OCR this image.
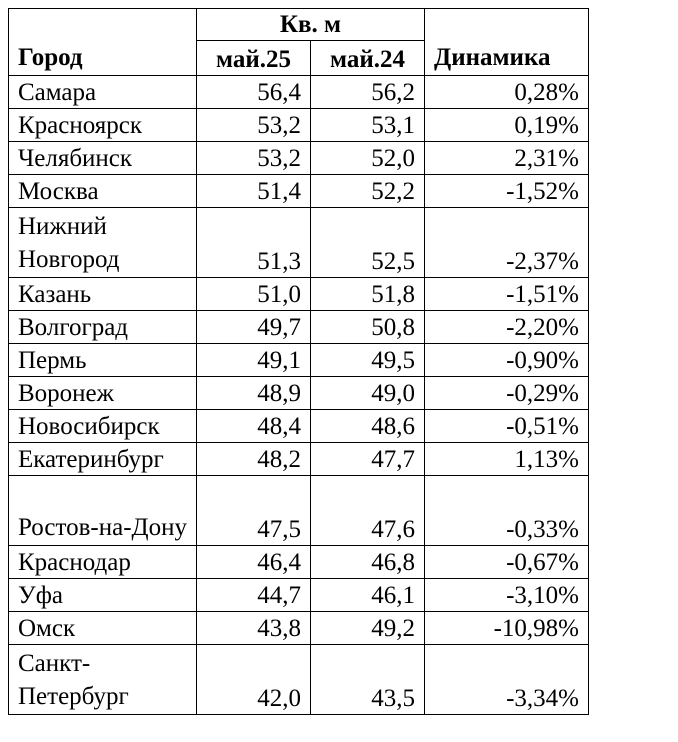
Город	Кв. м		Динамика
	май.25	май.24	
Самара	56,4	56,2	0,28%
Красноярск	53,2	53,1	0,19%
Челябинск	53,2	52,0	2,31%
Москва	51,4	52,2	-1,52%
Нижний Новгород	51,3	52,5	-2,37%
Казань	51,0	51,8	-1,51%
Волгоград	49,7	50,8	-2,20%
Пермь	49,1	49,5	-0,90%
Воронеж	48,9	49,0	-0,29%
Новосибирск	48,4	48,6	-0,51%
Екатеринбург	48,2	47,7	1,13%
Ростов-на-Дону	47,5	47,6	-0,33%
Краснодар	46,4	46,8	-0,67%
Уфа	44,7	46,1	-3,10%
Омск	43,8	49,2	-10,98%
Санкт-Петербург	42,0	43,5	-3,34%
